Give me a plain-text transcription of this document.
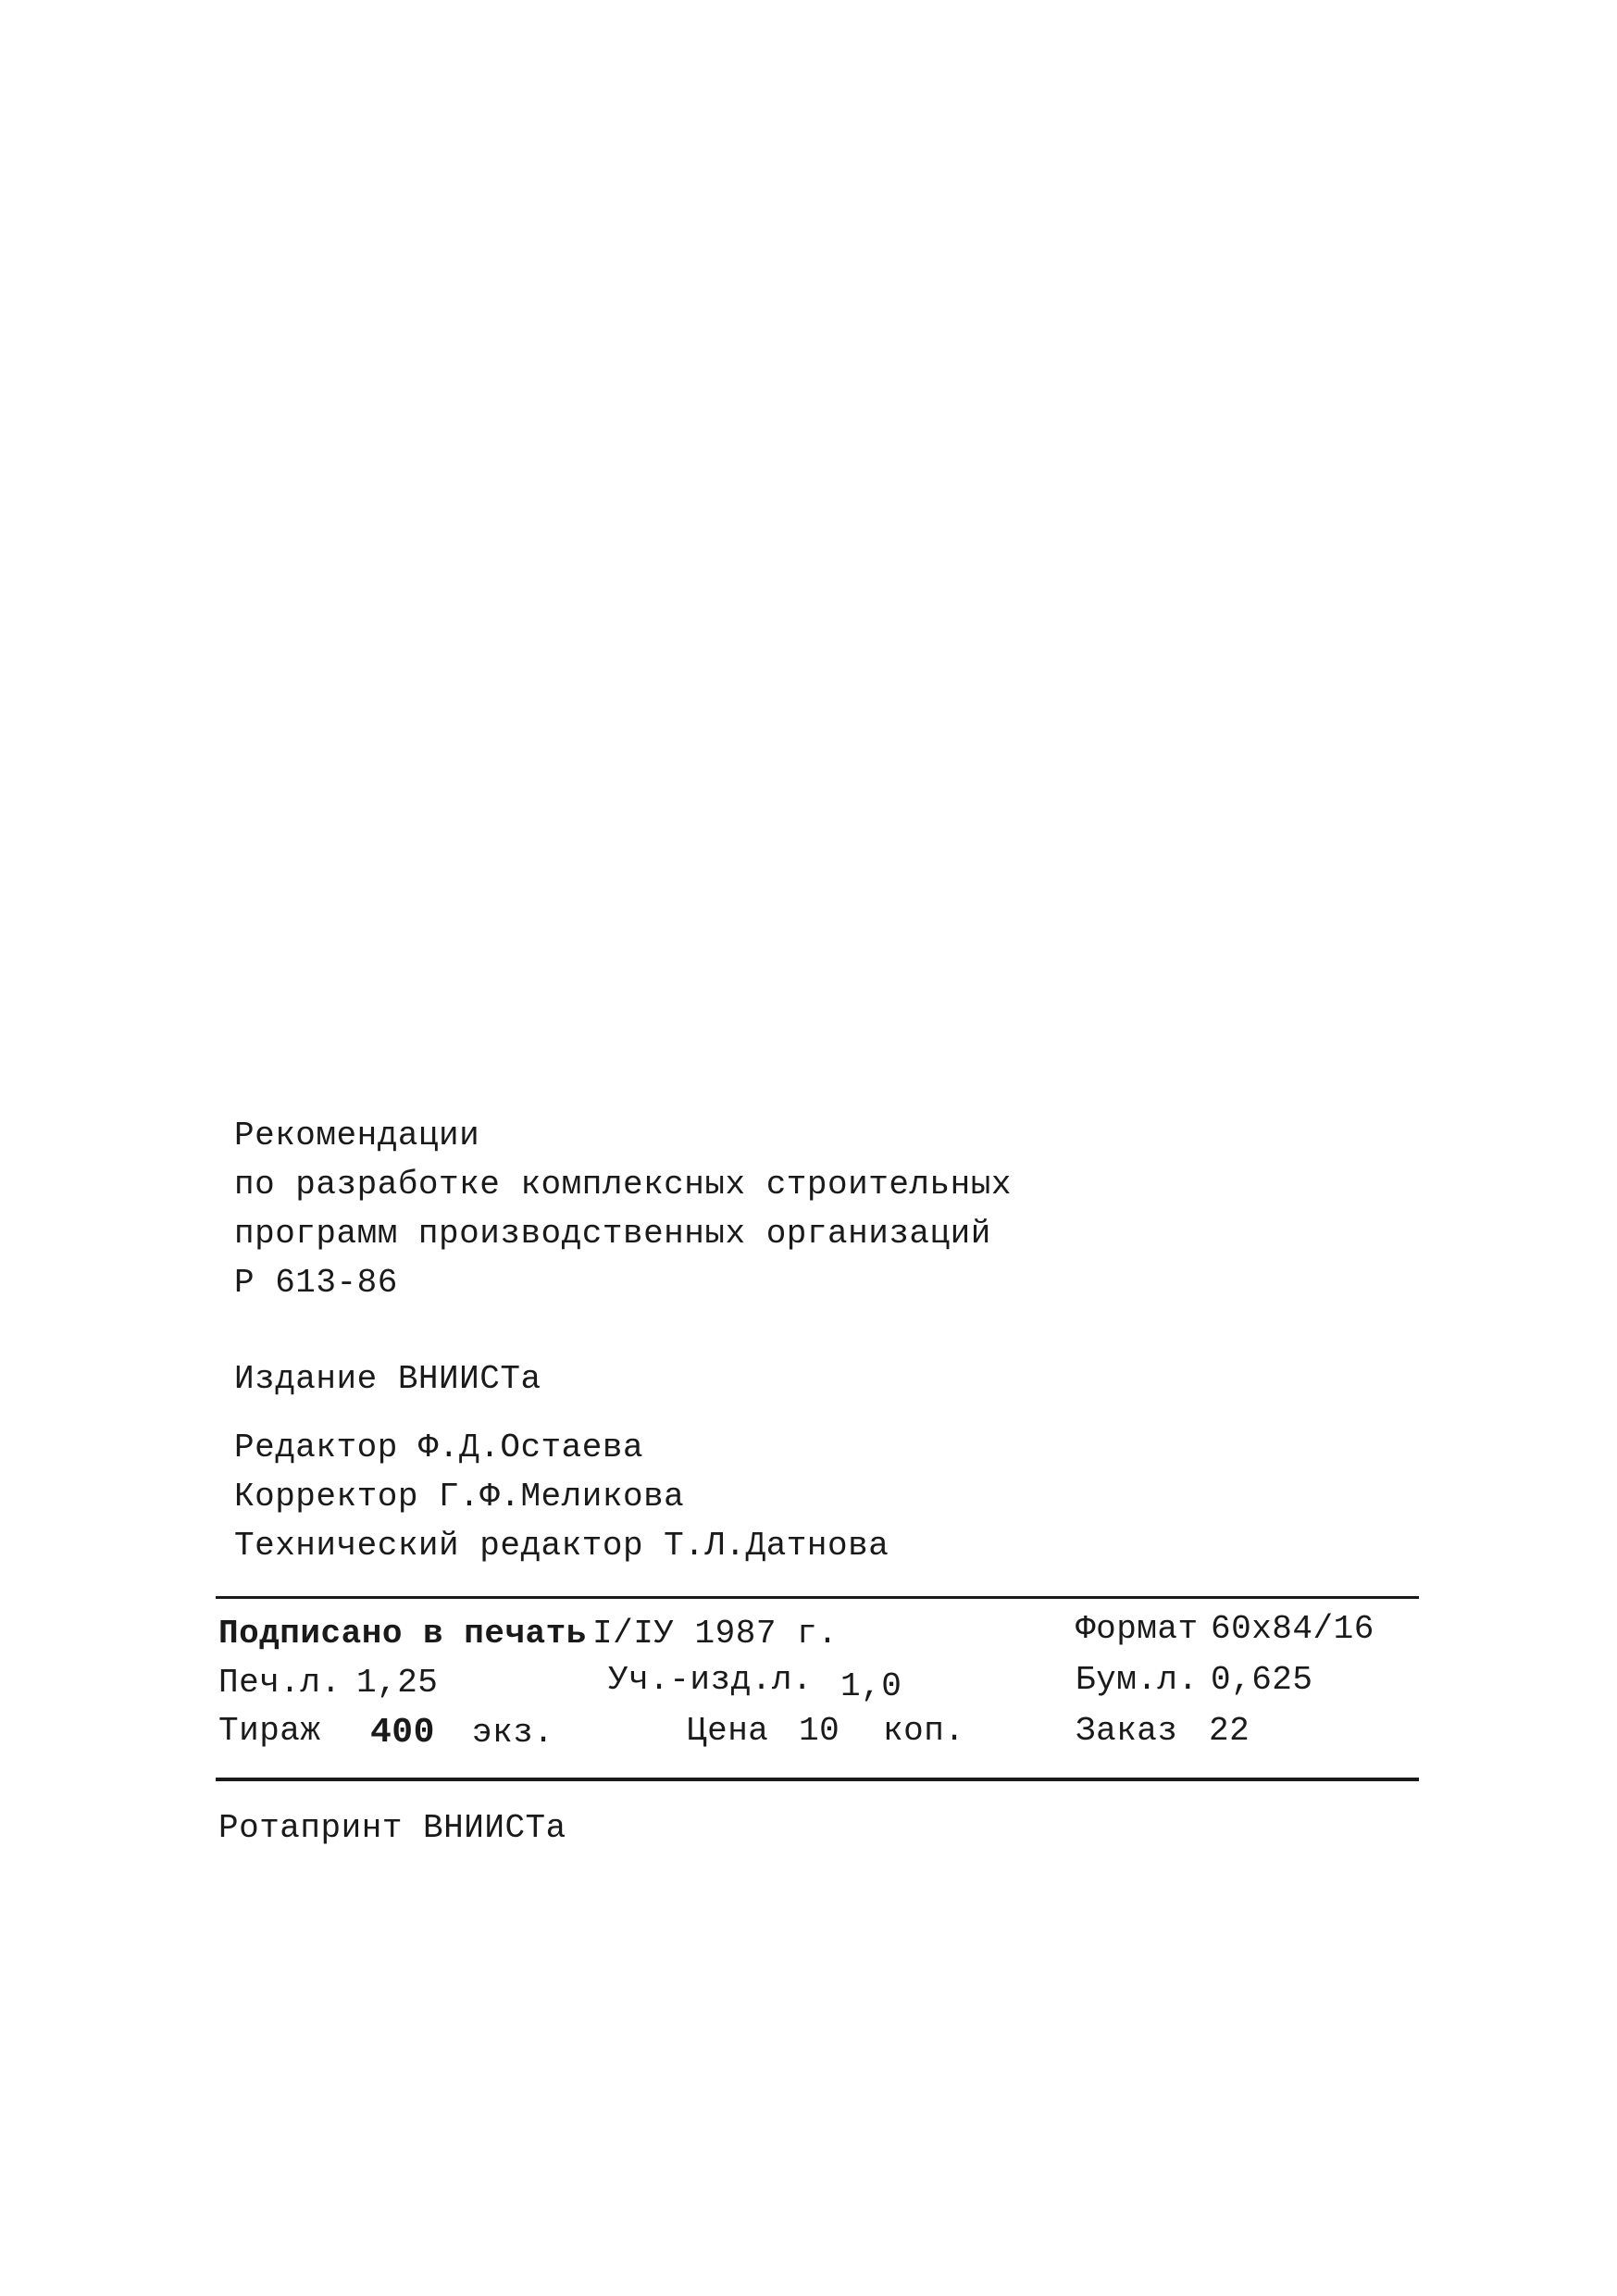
Рекомендации
по разработке комплексных строительных
программ производственных организаций
Р 613-86
Издание ВНИИСТа
Редактор Ф.Д.Остаева
Корректор Г.Ф.Меликова
Технический редактор Т.Л.Датнова
Подписано в печать I/IУ 1987 г.	Формат 60х84/16
Печ.л. 1,25	Уч.-изд.л. 1,0	Бум.л. 0,625
Тираж 400 экз.	Цена 10 коп.	Заказ 22
Ротапринт ВНИИСТа
